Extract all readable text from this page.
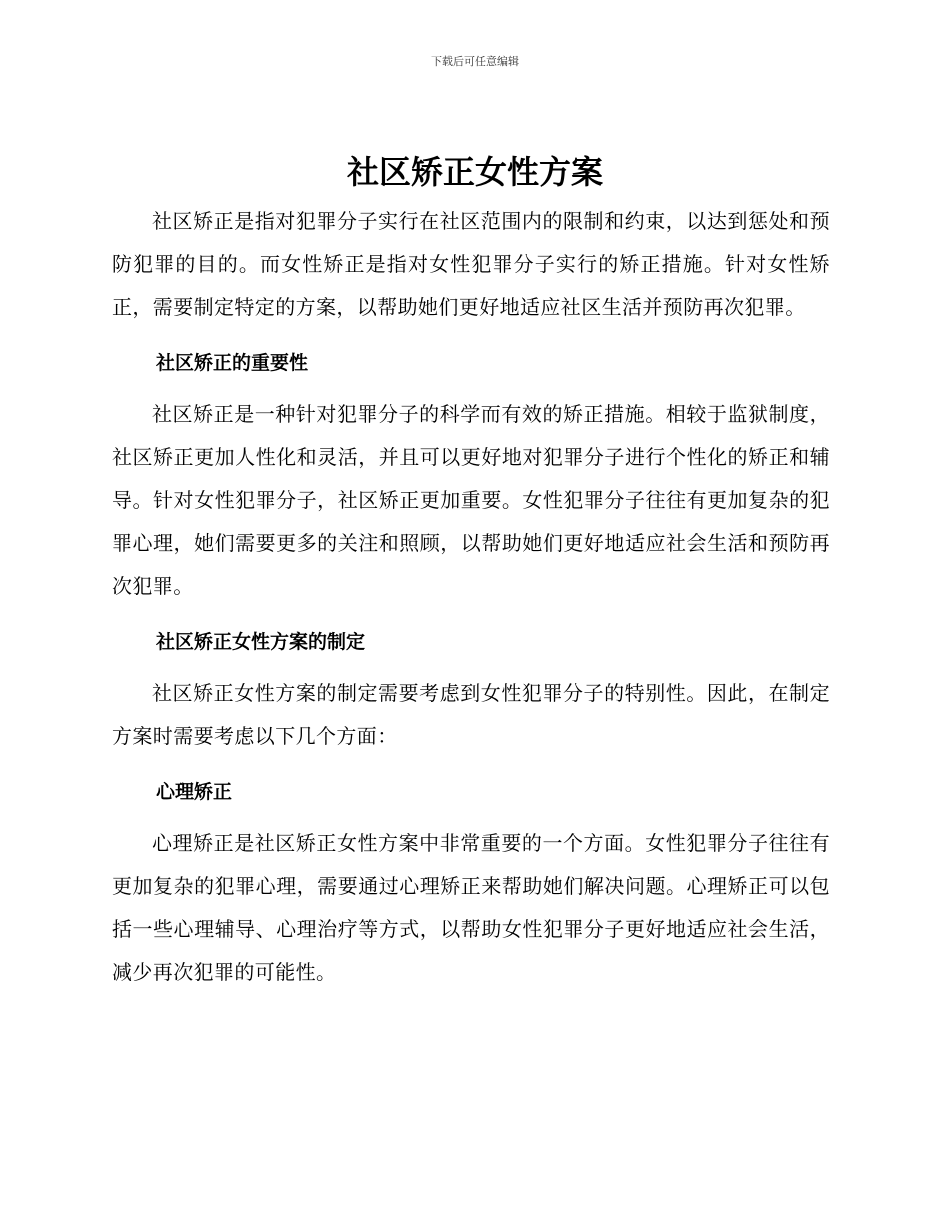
下载后可任意编辑
社区矫正女性方案

社区矫正是指对犯罪分子实行在社区范围内的限制和约束，以达到惩处和预防犯罪的目的。而女性矫正是指对女性犯罪分子实行的矫正措施。针对女性矫正，需要制定特定的方案，以帮助她们更好地适应社区生活并预防再次犯罪。

社区矫正的重要性

社区矫正是一种针对犯罪分子的科学而有效的矫正措施。相较于监狱制度，社区矫正更加人性化和灵活，并且可以更好地对犯罪分子进行个性化的矫正和辅导。针对女性犯罪分子，社区矫正更加重要。女性犯罪分子往往有更加复杂的犯罪心理，她们需要更多的关注和照顾，以帮助她们更好地适应社会生活和预防再次犯罪。

社区矫正女性方案的制定

社区矫正女性方案的制定需要考虑到女性犯罪分子的特别性。因此，在制定方案时需要考虑以下几个方面：

心理矫正

心理矫正是社区矫正女性方案中非常重要的一个方面。女性犯罪分子往往有更加复杂的犯罪心理，需要通过心理矫正来帮助她们解决问题。心理矫正可以包括一些心理辅导、心理治疗等方式，以帮助女性犯罪分子更好地适应社会生活，减少再次犯罪的可能性。
